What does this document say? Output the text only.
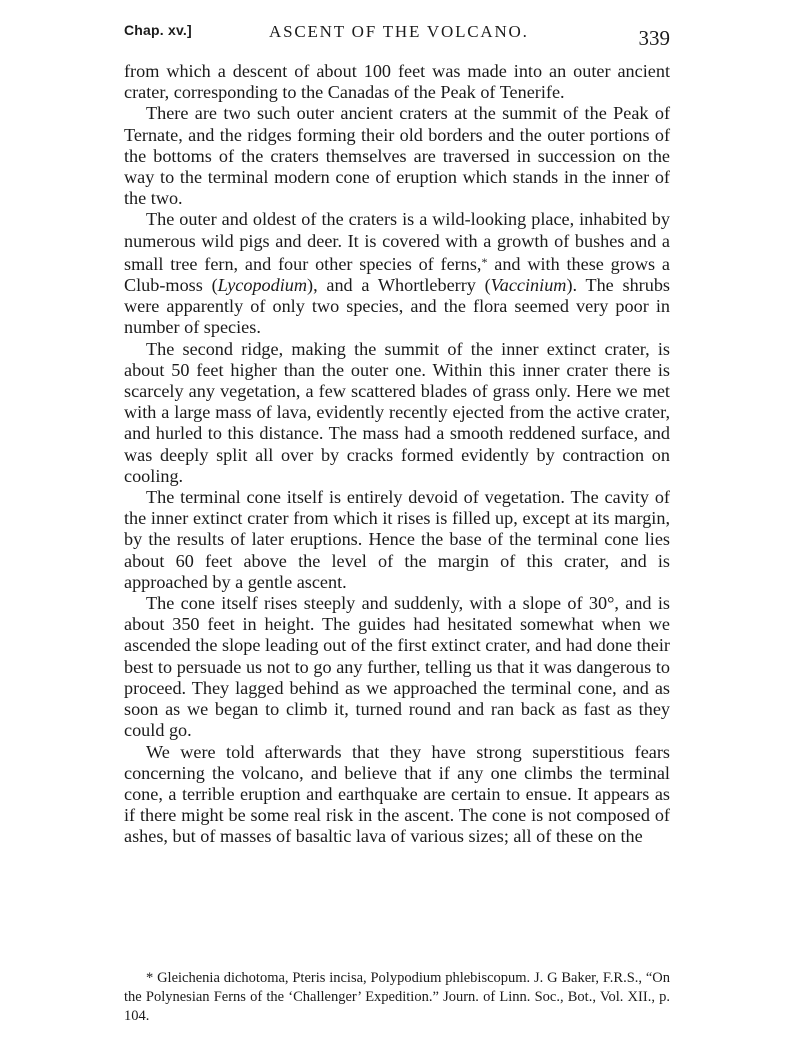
Chap. xv.]	ASCENT OF THE VOLCANO.	339

from which a descent of about 100 feet was made into an outer ancient crater, corresponding to the Canadas of the Peak of Tenerife.

There are two such outer ancient craters at the summit of the Peak of Ternate, and the ridges forming their old borders and the outer portions of the bottoms of the craters themselves are traversed in succession on the way to the terminal modern cone of eruption which stands in the inner of the two.

The outer and oldest of the craters is a wild-looking place, inhabited by numerous wild pigs and deer. It is covered with a growth of bushes and a small tree fern, and four other species of ferns,* and with these grows a Club-moss (Lycopodium), and a Whortleberry (Vaccinium). The shrubs were apparently of only two species, and the flora seemed very poor in number of species.

The second ridge, making the summit of the inner extinct crater, is about 50 feet higher than the outer one. Within this inner crater there is scarcely any vegetation, a few scattered blades of grass only. Here we met with a large mass of lava, evidently recently ejected from the active crater, and hurled to this distance. The mass had a smooth reddened surface, and was deeply split all over by cracks formed evidently by contraction on cooling.

The terminal cone itself is entirely devoid of vegetation. The cavity of the inner extinct crater from which it rises is filled up, except at its margin, by the results of later eruptions. Hence the base of the terminal cone lies about 60 feet above the level of the margin of this crater, and is approached by a gentle ascent.

The cone itself rises steeply and suddenly, with a slope of 30°, and is about 350 feet in height. The guides had hesitated somewhat when we ascended the slope leading out of the first extinct crater, and had done their best to persuade us not to go any further, telling us that it was dangerous to proceed. They lagged behind as we approached the terminal cone, and as soon as we began to climb it, turned round and ran back as fast as they could go.

We were told afterwards that they have strong superstitious fears concerning the volcano, and believe that if any one climbs the terminal cone, a terrible eruption and earthquake are certain to ensue. It appears as if there might be some real risk in the ascent. The cone is not composed of ashes, but of masses of basaltic lava of various sizes; all of these on the

* Gleichenia dichotoma, Pteris incisa, Polypodium phlebiscopum. J. G Baker, F.R.S., “On the Polynesian Ferns of the ‘Challenger’ Expedition.” Journ. of Linn. Soc., Bot., Vol. XII., p. 104.
